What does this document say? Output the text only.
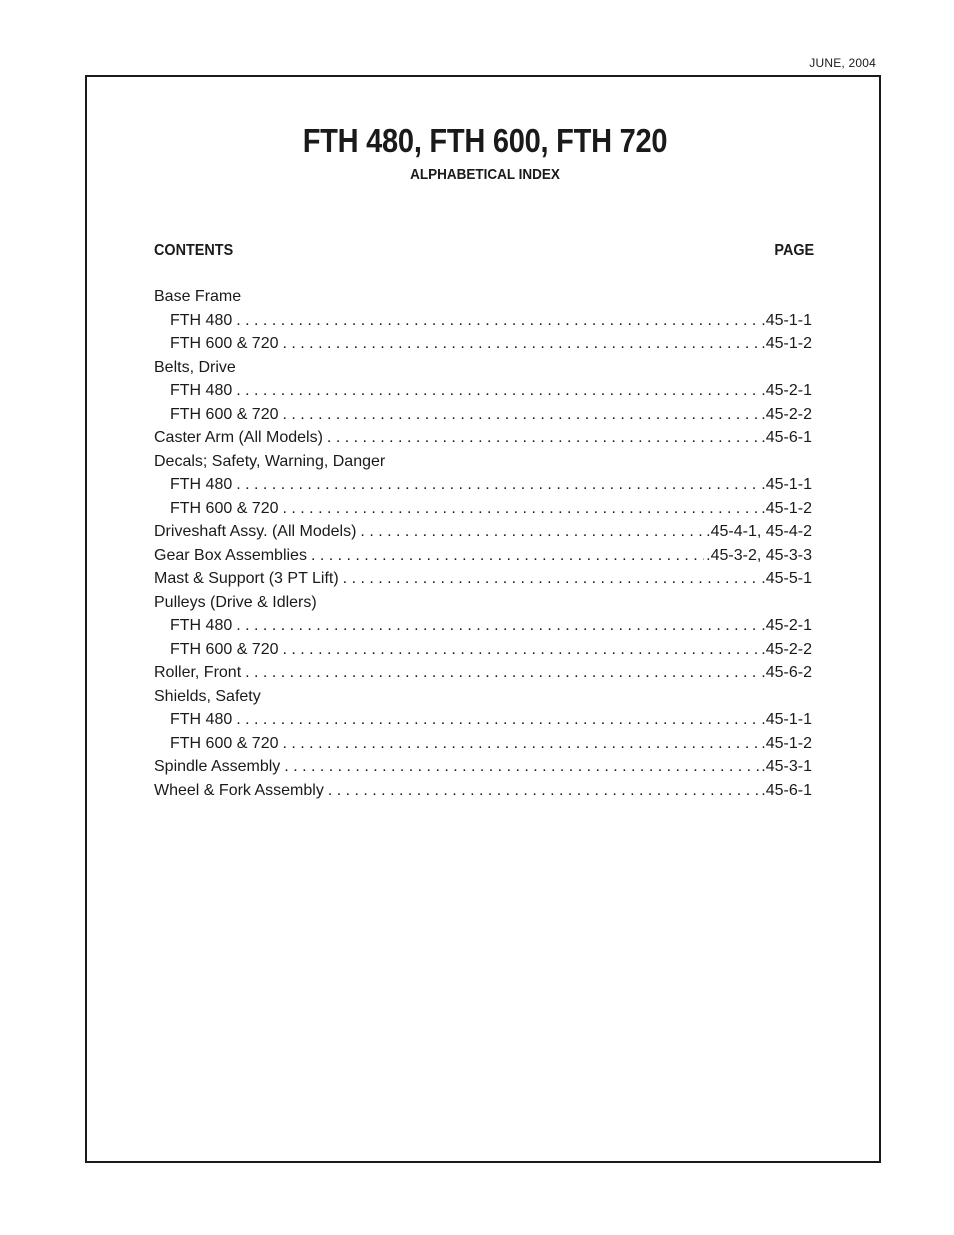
JUNE, 2004
FTH 480, FTH 600, FTH 720
ALPHABETICAL INDEX
CONTENTS	PAGE
Base Frame
FTH 480 . . .	.45-1-1
FTH 600 & 720 . . .	.45-1-2
Belts, Drive
FTH 480 . . .	.45-2-1
FTH 600 & 720 . . .	.45-2-2
Caster Arm (All Models) . . .	.45-6-1
Decals; Safety, Warning, Danger
FTH 480 . . .	.45-1-1
FTH 600 & 720 . . .	.45-1-2
Driveshaft Assy. (All Models) . . .	.45-4-1, 45-4-2
Gear Box Assemblies . . .	.45-3-2, 45-3-3
Mast & Support (3 PT Lift) . . .	.45-5-1
Pulleys (Drive & Idlers)
FTH 480 . . .	.45-2-1
FTH 600 & 720 . . .	.45-2-2
Roller, Front . . .	.45-6-2
Shields, Safety
FTH 480 . . .	.45-1-1
FTH 600 & 720 . . .	.45-1-2
Spindle Assembly . . .	.45-3-1
Wheel & Fork Assembly . . .	.45-6-1
